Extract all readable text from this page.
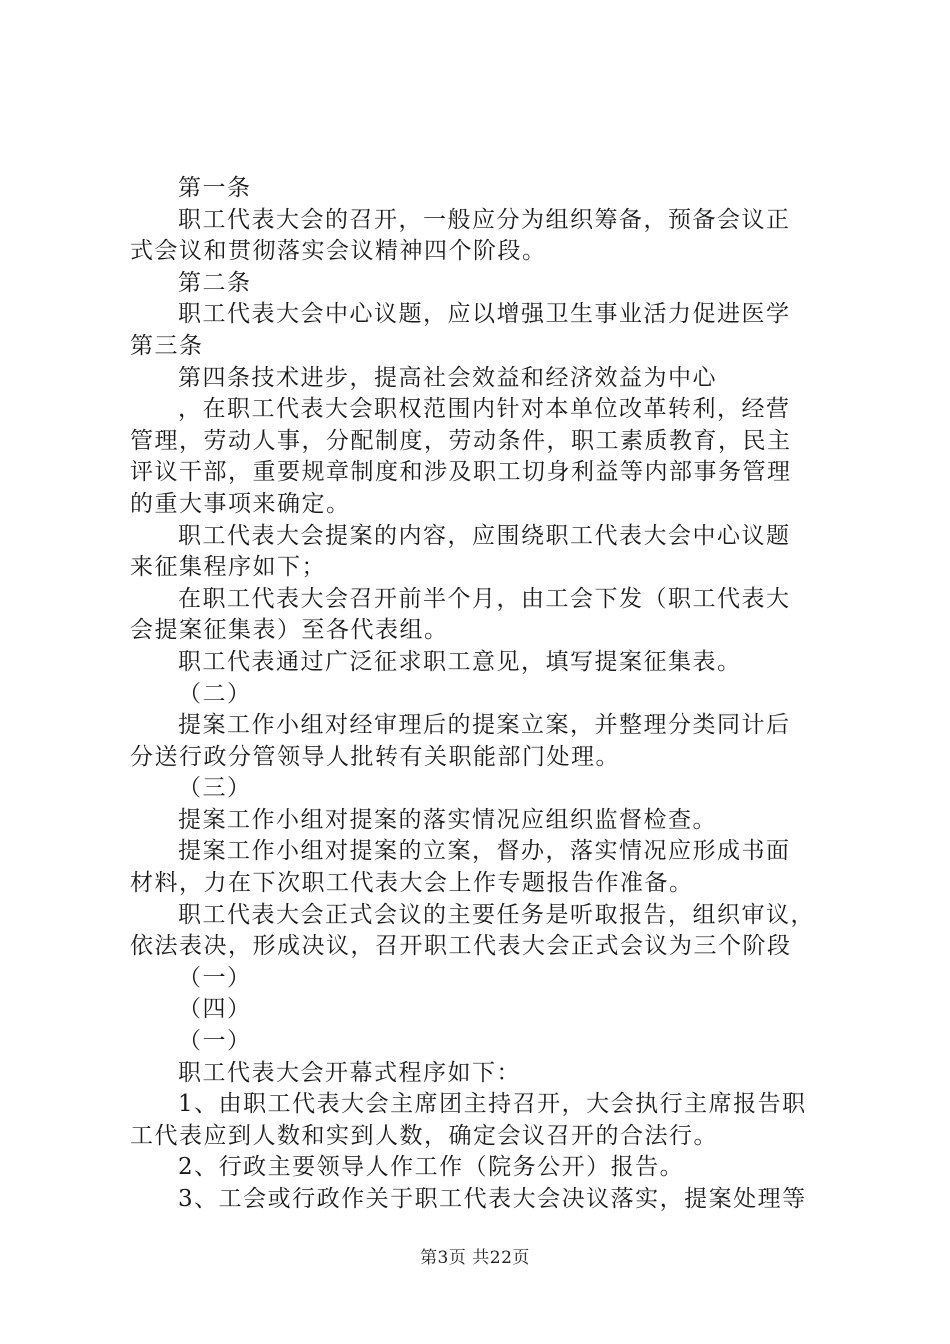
第一条
职工代表大会的召开，一般应分为组织筹备，预备会议正
式会议和贯彻落实会议精神四个阶段。
第二条
职工代表大会中心议题，应以增强卫生事业活力促进医学
第三条
第四条技术进步，提高社会效益和经济效益为中心
，在职工代表大会职权范围内针对本单位改革转利，经营
管理，劳动人事，分配制度，劳动条件，职工素质教育，民主
评议干部，重要规章制度和涉及职工切身利益等内部事务管理
的重大事项来确定。
职工代表大会提案的内容，应围绕职工代表大会中心议题
来征集程序如下；
在职工代表大会召开前半个月，由工会下发（职工代表大
会提案征集表）至各代表组。
职工代表通过广泛征求职工意见，填写提案征集表。
（二）
提案工作小组对经审理后的提案立案，并整理分类同计后
分送行政分管领导人批转有关职能部门处理。
（三）
提案工作小组对提案的落实情况应组织监督检查。
提案工作小组对提案的立案，督办，落实情况应形成书面
材料，力在下次职工代表大会上作专题报告作准备。
职工代表大会正式会议的主要任务是听取报告，组织审议，
依法表决，形成决议，召开职工代表大会正式会议为三个阶段
（一）
（四）
（一）
职工代表大会开幕式程序如下：
1、由职工代表大会主席团主持召开，大会执行主席报告职
工代表应到人数和实到人数，确定会议召开的合法行。
2、行政主要领导人作工作（院务公开）报告。
3、工会或行政作关于职工代表大会决议落实，提案处理等
第3页 共22页
